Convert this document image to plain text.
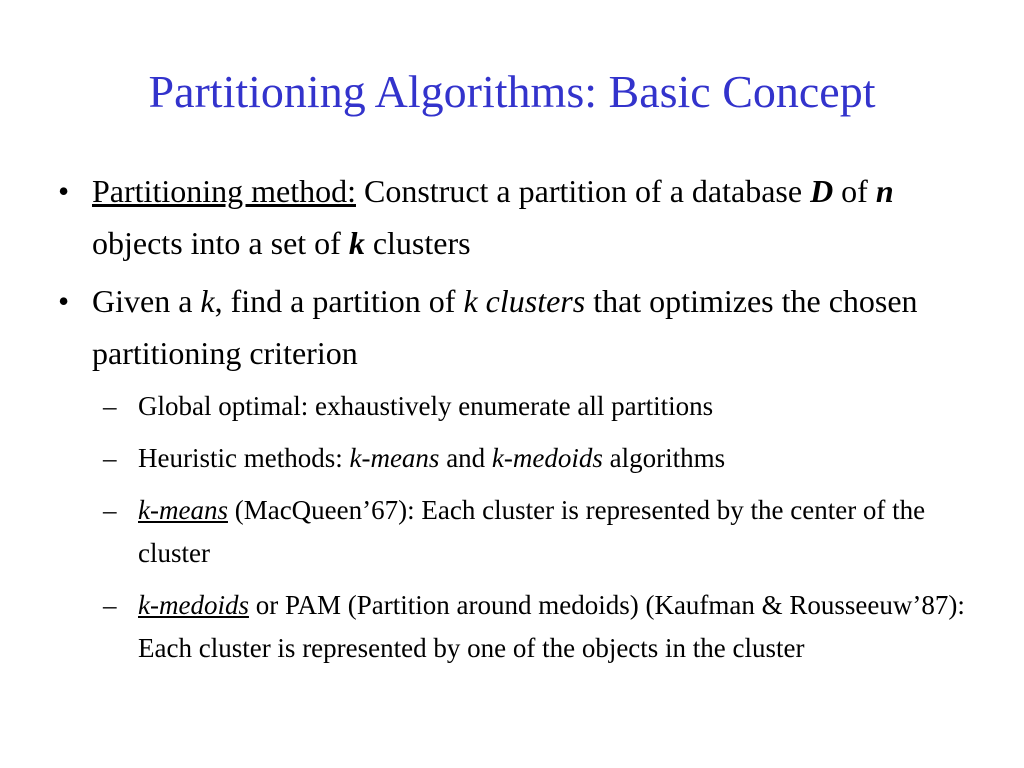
Partitioning Algorithms: Basic Concept
• Partitioning method: Construct a partition of a database D of n objects into a set of k clusters
• Given a k, find a partition of k clusters that optimizes the chosen partitioning criterion
– Global optimal: exhaustively enumerate all partitions
– Heuristic methods: k-means and k-medoids algorithms
– k-means (MacQueen’67): Each cluster is represented by the center of the cluster
– k-medoids or PAM (Partition around medoids) (Kaufman & Rousseeuw’87): Each cluster is represented by one of the objects in the cluster
